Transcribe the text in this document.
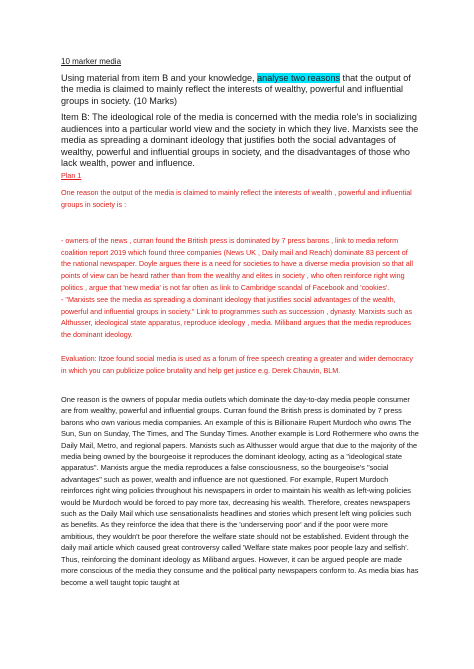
10 marker media

Using material from item B and your knowledge, analyse two reasons that the output of the media is claimed to mainly reflect the interests of wealthy, powerful and influential groups in society. (10 Marks)

Item B: The ideological role of the media is concerned with the media role's in socializing audiences into a particular world view and the society in which they live. Marxists see the media as spreading a dominant ideology that justifies both the social advantages of wealthy, powerful and influential groups in society, and the disadvantages of those who lack wealth, power and influence.

Plan 1

One reason the output of the media is claimed to mainly reflect the interests of wealth , powerful and influential groups in society is :

- owners of the news , curran found the British press is dominated by 7 press barons , link to media reform coalition report 2019 which found three companies (News UK , Daily mail and Reach) dominate 83 percent of the national newspaper. Doyle argues there is a need for societies to have a diverse media provision so that all points of view can be heard rather than from the wealthy and elites in society , who often reinforce right wing politics , argue that 'new media' is not far often as link to Cambridge scandal of Facebook and 'cookies'.

- "Marxists see the media as spreading a dominant ideology that justifies social advantages of the wealth, powerful and influential groups in society." Link to programmes such as succession , dynasty. Marxists such as Althusser, ideological state apparatus, reproduce ideology , media. Miliband argues that the media reproduces the dominant ideology.

Evaluation: Itzoe found social media is used as a forum of free speech creating a greater and wider democracy in which you can publicize police brutality and help get justice e.g. Derek Chauvin, BLM.

One reason is the owners of popular media outlets which dominate the day-to-day media people consumer are from wealthy, powerful and influential groups. Curran found the British press is dominated by 7 press barons who own various media companies. An example of this is Billionaire Rupert Murdoch who owns The Sun, Sun on Sunday, The Times, and The Sunday Times. Another example is Lord Rothermere who owns the Daily Mail, Metro, and regional papers. Marxists such as Althusser would argue that due to the majority of the media being owned by the bourgeoise it reproduces the dominant ideology, acting as a "ideological state apparatus". Marxists argue the media reproduces a false consciousness, so the bourgeoise's "social advantages" such as power, wealth and influence are not questioned. For example, Rupert Murdoch reinforces right wing policies throughout his newspapers in order to maintain his wealth as left-wing policies would be Murdoch would be forced to pay more tax, decreasing his wealth. Therefore, creates newspapers such as the Daily Mail which use sensationalists headlines and stories which present left wing policies such as benefits. As they reinforce the idea that there is the 'underserving poor' and if the poor were more ambitious, they wouldn't be poor therefore the welfare state should not be established. Evident through the daily mail article which caused great controversy called 'Welfare state makes poor people lazy and selfish'. Thus, reinforcing the dominant ideology as Miliband argues. However, it can be argued people are made more conscious of the media they consume and the political party newspapers conform to. As media bias has become a well taught topic taught at
